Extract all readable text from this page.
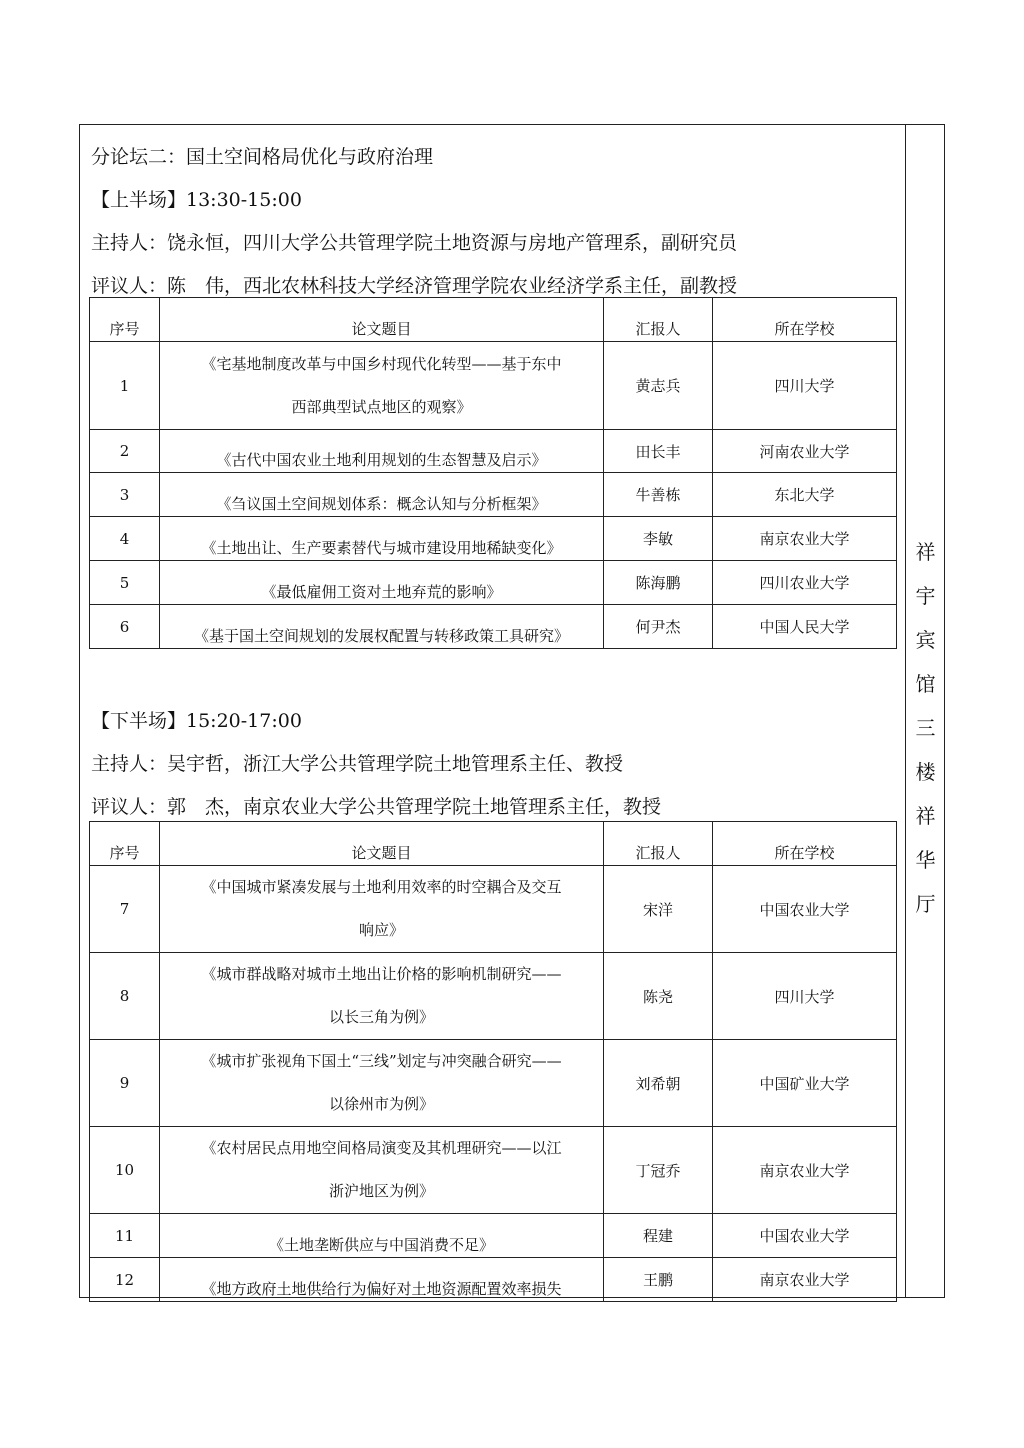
分论坛二：国土空间格局优化与政府治理
【上半场】13:30-15:00
主持人：饶永恒，四川大学公共管理学院土地资源与房地产管理系，副研究员
评议人：陈　伟，西北农林科技大学经济管理学院农业经济学系主任，副教授
序号	论文题目	汇报人	所在学校
1	《宅基地制度改革与中国乡村现代化转型——基于东中
西部典型试点地区的观察》	黄志兵	四川大学
2	《古代中国农业土地利用规划的生态智慧及启示》	田长丰	河南农业大学
3	《刍议国土空间规划体系：概念认知与分析框架》	牛善栋	东北大学
4	《土地出让、生产要素替代与城市建设用地稀缺变化》	李敏	南京农业大学
5	《最低雇佣工资对土地弃荒的影响》	陈海鹏	四川农业大学
6	《基于国土空间规划的发展权配置与转移政策工具研究》	何尹杰	中国人民大学
【下半场】15:20-17:00
主持人：吴宇哲，浙江大学公共管理学院土地管理系主任、教授
评议人：郭　杰，南京农业大学公共管理学院土地管理系主任，教授
序号	论文题目	汇报人	所在学校
7	《中国城市紧凑发展与土地利用效率的时空耦合及交互
响应》	宋洋	中国农业大学
8	《城市群战略对城市土地出让价格的影响机制研究——
以长三角为例》	陈尧	四川大学
9	《城市扩张视角下国土“三线”划定与冲突融合研究——
以徐州市为例》	刘希朝	中国矿业大学
10	《农村居民点用地空间格局演变及其机理研究——以江
浙沪地区为例》	丁冠乔	南京农业大学
11	《土地垄断供应与中国消费不足》	程建	中国农业大学
12	《地方政府土地供给行为偏好对土地资源配置效率损失	王鹏	南京农业大学
祥
宇
宾
馆
三
楼
祥
华
厅
